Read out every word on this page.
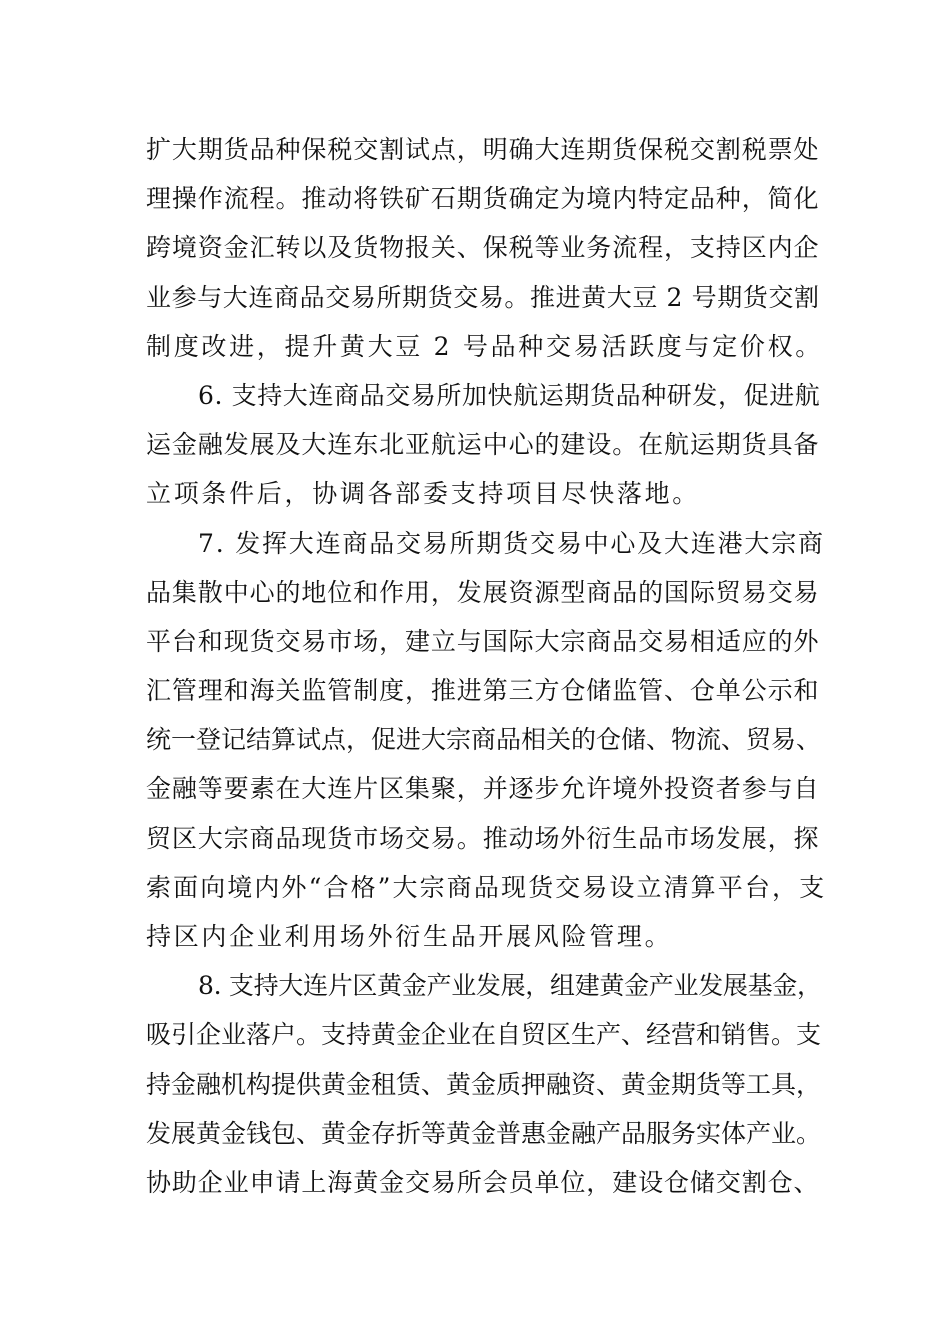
扩大期货品种保税交割试点，明确大连期货保税交割税票处
理操作流程。推动将铁矿石期货确定为境内特定品种，简化
跨境资金汇转以及货物报关、保税等业务流程，支持区内企
业参与大连商品交易所期货交易。推进黄大豆 2 号期货交割
制度改进，提升黄大豆 2 号品种交易活跃度与定价权。
6. 支持大连商品交易所加快航运期货品种研发，促进航
运金融发展及大连东北亚航运中心的建设。在航运期货具备
立项条件后，协调各部委支持项目尽快落地。
7. 发挥大连商品交易所期货交易中心及大连港大宗商
品集散中心的地位和作用，发展资源型商品的国际贸易交易
平台和现货交易市场，建立与国际大宗商品交易相适应的外
汇管理和海关监管制度，推进第三方仓储监管、仓单公示和
统一登记结算试点，促进大宗商品相关的仓储、物流、贸易、
金融等要素在大连片区集聚，并逐步允许境外投资者参与自
贸区大宗商品现货市场交易。推动场外衍生品市场发展，探
索面向境内外“合格”大宗商品现货交易设立清算平台，支
持区内企业利用场外衍生品开展风险管理。
8. 支持大连片区黄金产业发展，组建黄金产业发展基金，
吸引企业落户。支持黄金企业在自贸区生产、经营和销售。支
持金融机构提供黄金租赁、黄金质押融资、黄金期货等工具，
发展黄金钱包、黄金存折等黄金普惠金融产品服务实体产业。
协助企业申请上海黄金交易所会员单位，建设仓储交割仓、
